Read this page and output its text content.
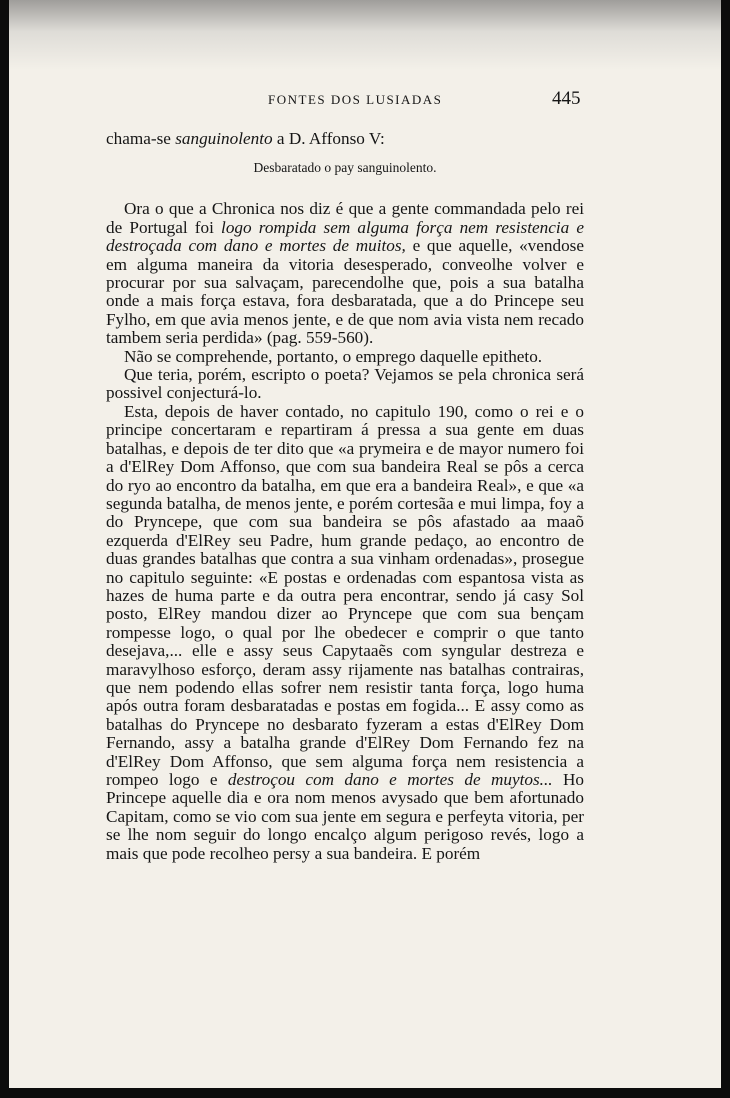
FONTES DOS LUSIADAS	445

chama-se sanguinolento a D. Affonso V:

Desbaratado o pay sanguinolento.

Ora o que a Chronica nos diz é que a gente commandada pelo rei de Portugal foi logo rompida sem alguma força nem resistencia e destroçada com dano e mortes de muitos, e que aquelle, «vendose em alguma maneira da vitoria desesperado, conveolhe volver e procurar por sua salvaçam, parecendolhe que, pois a sua batalha onde a mais força estava, fora desbaratada, que a do Princepe seu Fylho, em que avia menos jente, e de que nom avia vista nem recado tambem seria perdida» (pag. 559-560).

Não se comprehende, portanto, o emprego daquelle epitheto.

Que teria, porém, escripto o poeta? Vejamos se pela chronica será possivel conjecturá-lo.

Esta, depois de haver contado, no capitulo 190, como o rei e o principe concertaram e repartiram á pressa a sua gente em duas batalhas, e depois de ter dito que «a prymeira e de mayor numero foi a d'ElRey Dom Affonso, que com sua bandeira Real se pôs a cerca do ryo ao encontro da batalha, em que era a bandeira Real», e que «a segunda batalha, de menos jente, e porém cortesãa e mui limpa, foy a do Pryncepe, que com sua bandeira se pôs afastado aa maaõ ezquerda d'ElRey seu Padre, hum grande pedaço, ao encontro de duas grandes batalhas que contra a sua vinham ordenadas», prosegue no capitulo seguinte: «E postas e ordenadas com espantosa vista as hazes de huma parte e da outra pera encontrar, sendo já casy Sol posto, ElRey mandou dizer ao Pryncepe que com sua bençam rompesse logo, o qual por lhe obedecer e comprir o que tanto desejava,... elle e assy seus Capytaaẽs com syngular destreza e maravylhoso esforço, deram assy rijamente nas batalhas contrairas, que nem podendo ellas sofrer nem resistir tanta força, logo huma após outra foram desbaratadas e postas em fogida... E assy como as batalhas do Pryncepe no desbarato fyzeram a estas d'ElRey Dom Fernando, assy a batalha grande d'ElRey Dom Fernando fez na d'ElRey Dom Affonso, que sem alguma força nem resistencia a rompeo logo e destroçou com dano e mortes de muytos... Ho Princepe aquelle dia e ora nom menos avysado que bem afortunado Capitam, como se vio com sua jente em segura e perfeyta vitoria, per se lhe nom seguir do longo encalço algum perigoso revés, logo a mais que pode recolheo persy a sua bandeira. E porém
